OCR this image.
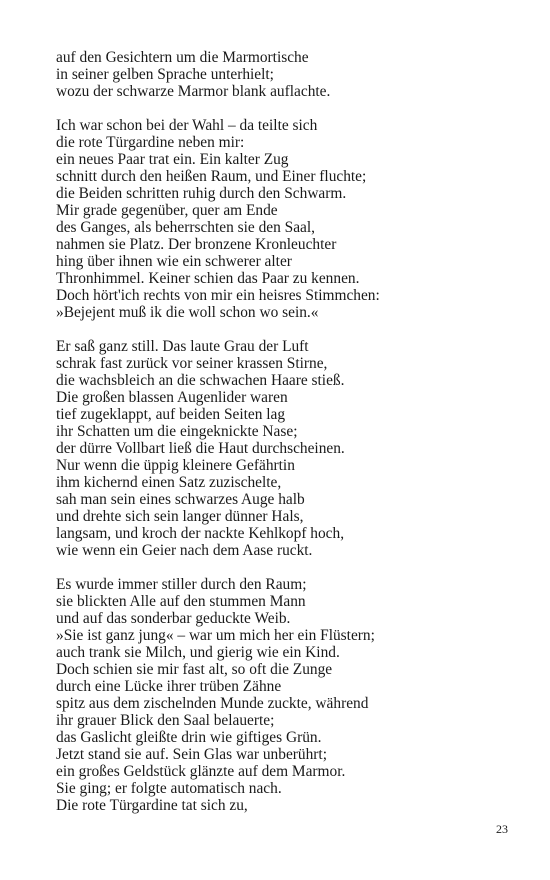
auf den Gesichtern um die Marmortische
in seiner gelben Sprache unterhielt;
wozu der schwarze Marmor blank auflachte.
Ich war schon bei der Wahl – da teilte sich
die rote Türgardine neben mir:
ein neues Paar trat ein. Ein kalter Zug
schnitt durch den heißen Raum, und Einer fluchte;
die Beiden schritten ruhig durch den Schwarm.
Mir grade gegenüber, quer am Ende
des Ganges, als beherrschten sie den Saal,
nahmen sie Platz. Der bronzene Kronleuchter
hing über ihnen wie ein schwerer alter
Thronhimmel. Keiner schien das Paar zu kennen.
Doch hört'ich rechts von mir ein heisres Stimmchen:
»Bejejent muß ik die woll schon wo sein.«
Er saß ganz still. Das laute Grau der Luft
schrak fast zurück vor seiner krassen Stirne,
die wachsbleich an die schwachen Haare stieß.
Die großen blassen Augenlider waren
tief zugeklappt, auf beiden Seiten lag
ihr Schatten um die eingeknickte Nase;
der dürre Vollbart ließ die Haut durchscheinen.
Nur wenn die üppig kleinere Gefährtin
ihm kichernd einen Satz zuzischelte,
sah man sein eines schwarzes Auge halb
und drehte sich sein langer dünner Hals,
langsam, und kroch der nackte Kehlkopf hoch,
wie wenn ein Geier nach dem Aase ruckt.
Es wurde immer stiller durch den Raum;
sie blickten Alle auf den stummen Mann
und auf das sonderbar geduckte Weib.
»Sie ist ganz jung« – war um mich her ein Flüstern;
auch trank sie Milch, und gierig wie ein Kind.
Doch schien sie mir fast alt, so oft die Zunge
durch eine Lücke ihrer trüben Zähne
spitz aus dem zischelnden Munde zuckte, während
ihr grauer Blick den Saal belauerte;
das Gaslicht gleißte drin wie giftiges Grün.
Jetzt stand sie auf. Sein Glas war unberührt;
ein großes Geldstück glänzte auf dem Marmor.
Sie ging; er folgte automatisch nach.
Die rote Türgardine tat sich zu,
23
